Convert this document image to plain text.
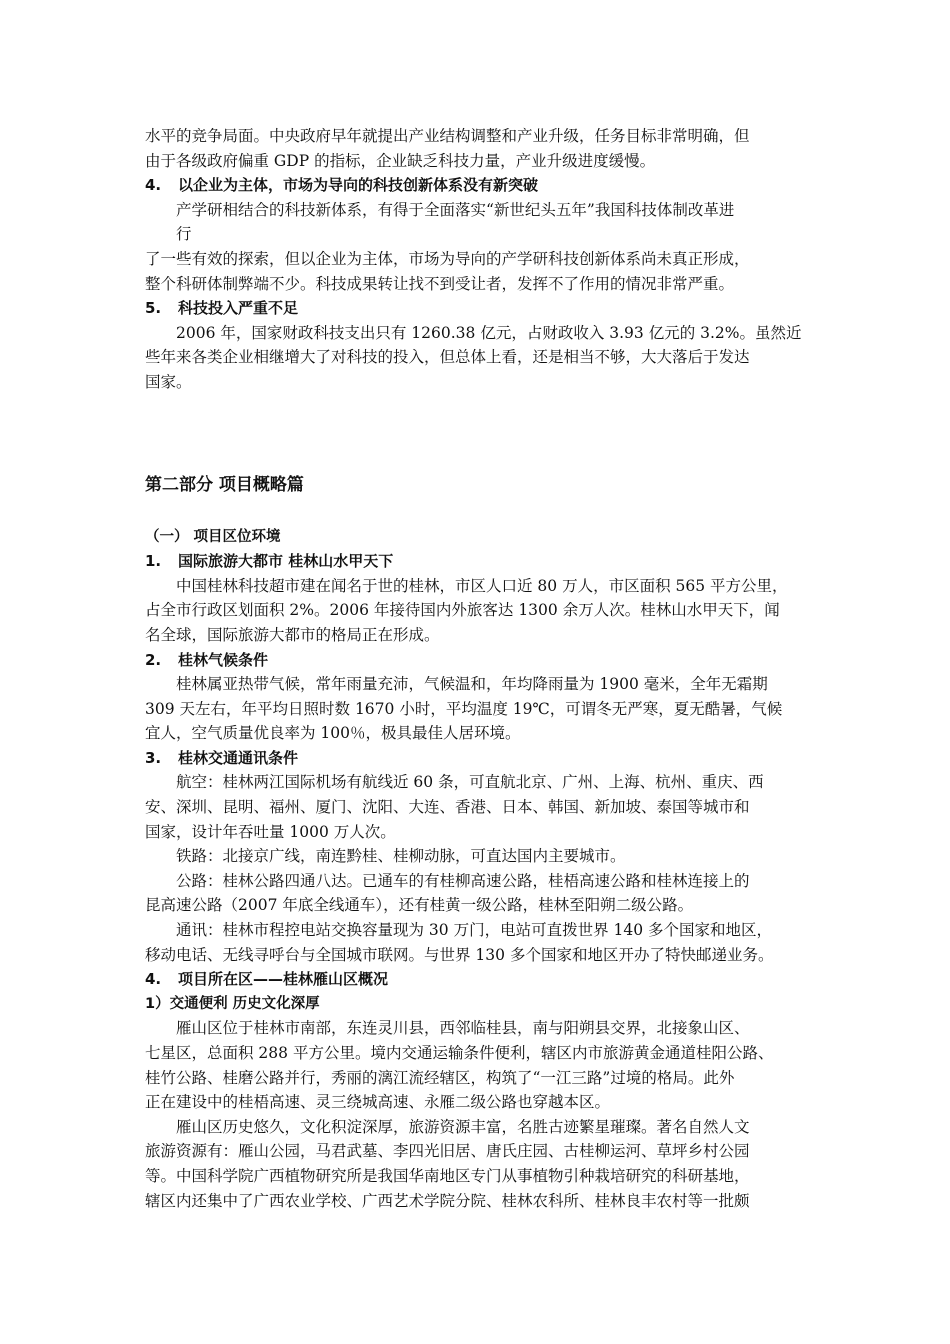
水平的竞争局面。中央政府早年就提出产业结构调整和产业升级，任务目标非常明确，但

由于各级政府偏重 GDP 的指标，企业缺乏科技力量，产业升级进度缓慢。

4. 以企业为主体，市场为导向的科技创新体系没有新突破

产学研相结合的科技新体系，有得于全面落实“新世纪头五年”我国科技体制改革进

行

了一些有效的探索，但以企业为主体，市场为导向的产学研科技创新体系尚未真正形成，

整个科研体制弊端不少。科技成果转让找不到受让者，发挥不了作用的情况非常严重。

5. 科技投入严重不足

2006 年，国家财政科技支出只有 1260.38 亿元，占财政收入 3.93 亿元的 3.2%。虽然近

些年来各类企业相继增大了对科技的投入，但总体上看，还是相当不够，大大落后于发达

国家。

第二部分 项目概略篇

（一） 项目区位环境

1. 国际旅游大都市 桂林山水甲天下

中国桂林科技超市建在闻名于世的桂林，市区人口近 80 万人，市区面积 565 平方公里，

占全市行政区划面积 2%。2006 年接待国内外旅客达 1300 余万人次。桂林山水甲天下，闻

名全球，国际旅游大都市的格局正在形成。

2. 桂林气候条件

桂林属亚热带气候，常年雨量充沛，气候温和，年均降雨量为 1900 毫米，全年无霜期

309 天左右，年平均日照时数 1670 小时，平均温度 19℃，可谓冬无严寒，夏无酷暑，气候

宜人，空气质量优良率为 100％，极具最佳人居环境。

3. 桂林交通通讯条件

航空：桂林两江国际机场有航线近 60 条，可直航北京、广州、上海、杭州、重庆、西

安、深圳、昆明、福州、厦门、沈阳、大连、香港、日本、韩国、新加坡、泰国等城市和

国家，设计年吞吐量 1000 万人次。

铁路：北接京广线，南连黔桂、桂柳动脉，可直达国内主要城市。

公路：桂林公路四通八达。已通车的有桂柳高速公路，桂梧高速公路和桂林连接上的

昆高速公路（2007 年底全线通车），还有桂黄一级公路，桂林至阳朔二级公路。

通讯：桂林市程控电站交换容量现为 30 万门，电站可直拨世界 140 多个国家和地区，

移动电话、无线寻呼台与全国城市联网。与世界 130 多个国家和地区开办了特快邮递业务。

4. 项目所在区——桂林雁山区概况

1）交通便利 历史文化深厚

雁山区位于桂林市南部，东连灵川县，西邻临桂县，南与阳朔县交界，北接象山区、

七星区，总面积 288 平方公里。境内交通运输条件便利，辖区内市旅游黄金通道桂阳公路、

桂竹公路、桂磨公路并行，秀丽的漓江流经辖区，构筑了“一江三路”过境的格局。此外

正在建设中的桂梧高速、灵三绕城高速、永雁二级公路也穿越本区。

雁山区历史悠久，文化积淀深厚，旅游资源丰富，名胜古迹繁星璀璨。著名自然人文

旅游资源有：雁山公园，马君武墓、李四光旧居、唐氏庄园、古桂柳运河、草坪乡村公园

等。中国科学院广西植物研究所是我国华南地区专门从事植物引种栽培研究的科研基地，

辖区内还集中了广西农业学校、广西艺术学院分院、桂林农科所、桂林良丰农村等一批颇
